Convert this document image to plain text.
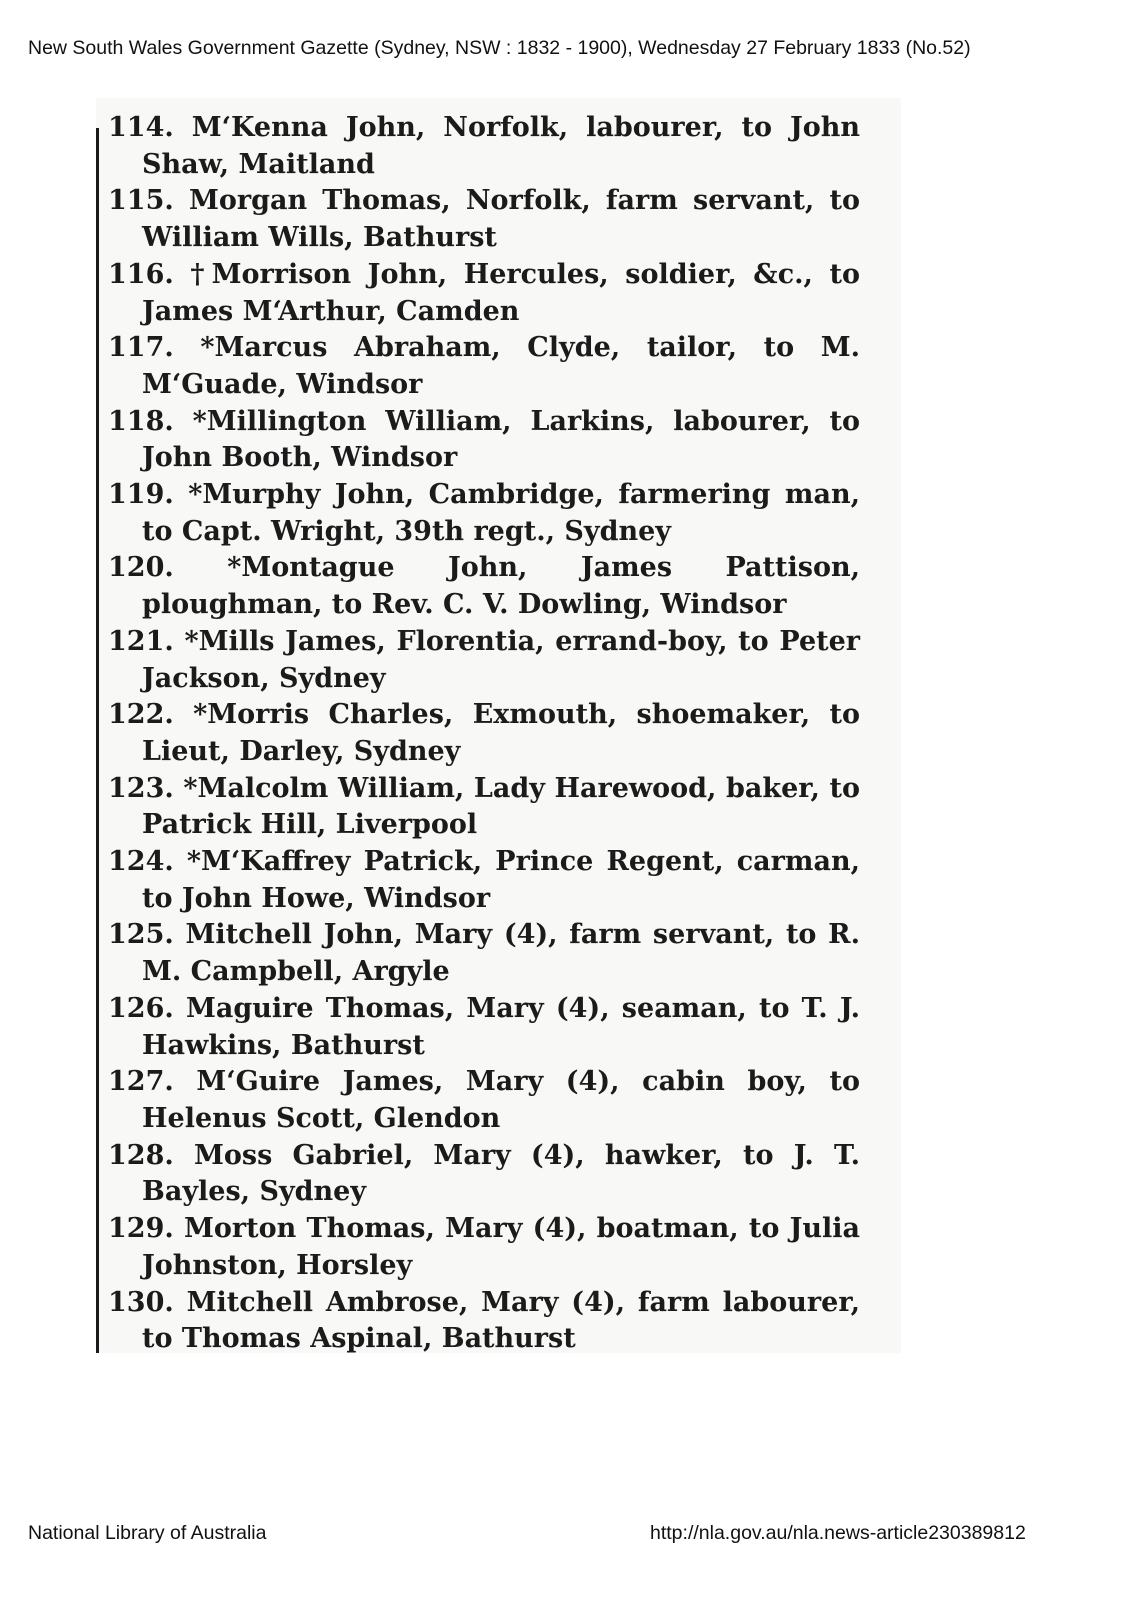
New South Wales Government Gazette (Sydney, NSW : 1832 - 1900), Wednesday 27 February 1833 (No.52)

114. M‘Kenna John, Norfolk, labourer, to John Shaw, Maitland

115. Morgan Thomas, Norfolk, farm servant, to William Wills, Bathurst

116. †Morrison John, Hercules, soldier, &c., to James M‘Arthur, Camden

117. *Marcus Abraham, Clyde, tailor, to M. M‘Guade, Windsor

118. *Millington William, Larkins, labourer, to John Booth, Windsor

119. *Murphy John, Cambridge, farmering man, to Capt. Wright, 39th regt., Sydney

120. *Montague John, James Pattison, ploughman, to Rev. C. V. Dowling, Windsor

121. *Mills James, Florentia, errand-boy, to Peter Jackson, Sydney

122. *Morris Charles, Exmouth, shoemaker, to Lieut, Darley, Sydney

123. *Malcolm William, Lady Harewood, baker, to Patrick Hill, Liverpool

124. *M‘Kaffrey Patrick, Prince Regent, carman, to John Howe, Windsor

125. Mitchell John, Mary (4), farm servant, to R. M. Campbell, Argyle

126. Maguire Thomas, Mary (4), seaman, to T. J. Hawkins, Bathurst

127. M‘Guire James, Mary (4), cabin boy, to Helenus Scott, Glendon

128. Moss Gabriel, Mary (4), hawker, to J. T. Bayles, Sydney

129. Morton Thomas, Mary (4), boatman, to Julia Johnston, Horsley

130. Mitchell Ambrose, Mary (4), farm labourer, to Thomas Aspinal, Bathurst

National Library of Australia	http://nla.gov.au/nla.news-article230389812
